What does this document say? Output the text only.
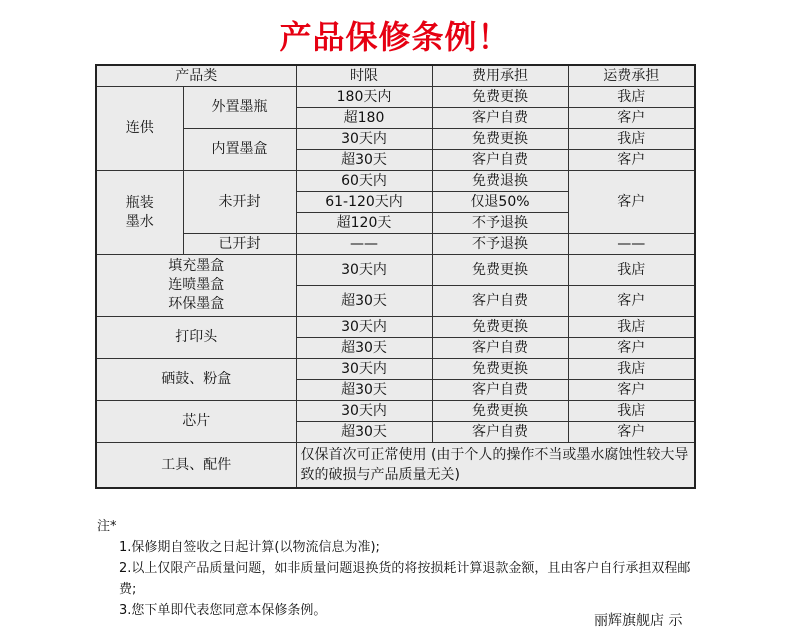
产品保修条例！
产品类		时限	费用承担	运费承担
连供	外置墨瓶	180天内	免费更换	我店
		超180	客户自费	客户
	内置墨盒	30天内	免费更换	我店
		超30天	客户自费	客户
瓶装
墨水	未开封	60天内	免费退换	客户
		61-120天内	仅退50%	
		超120天	不予退换	
	已开封	——	不予退换	——
填充墨盒
连喷墨盒
环保墨盒		30天内	免费更换	我店
		超30天	客户自费	客户
打印头		30天内	免费更换	我店
		超30天	客户自费	客户
硒鼓、粉盒		30天内	免费更换	我店
		超30天	客户自费	客户
芯片		30天内	免费更换	我店
		超30天	客户自费	客户
工具、配件		仅保首次可正常使用 (由于个人的操作不当或墨水腐蚀性较大导致的破损与产品质量无关)		
注*
1.保修期自签收之日起计算(以物流信息为准);
2.以上仅限产品质量问题，如非质量问题退换货的将按损耗计算退款金额，且由客户自行承担双程邮费;
3.您下单即代表您同意本保修条例。
丽辉旗舰店 示
